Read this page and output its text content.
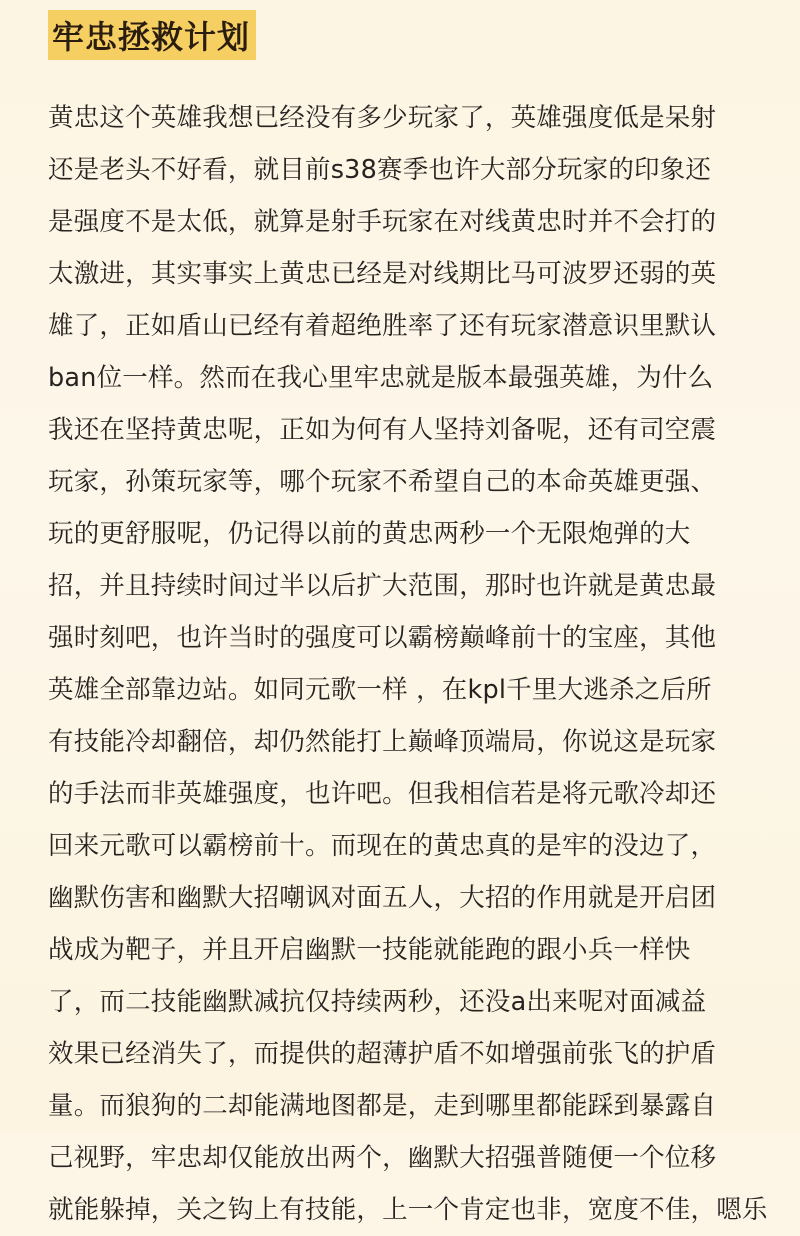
牢忠拯救计划
黄忠这个英雄我想已经没有多少玩家了，英雄强度低是呆射
还是老头不好看，就目前s38赛季也许大部分玩家的印象还
是强度不是太低，就算是射手玩家在对线黄忠时并不会打的
太激进，其实事实上黄忠已经是对线期比马可波罗还弱的英
雄了，正如盾山已经有着超绝胜率了还有玩家潜意识里默认
ban位一样。然而在我心里牢忠就是版本最强英雄，为什么
我还在坚持黄忠呢，正如为何有人坚持刘备呢，还有司空震
玩家，孙策玩家等，哪个玩家不希望自己的本命英雄更强、
玩的更舒服呢，仍记得以前的黄忠两秒一个无限炮弹的大
招，并且持续时间过半以后扩大范围，那时也许就是黄忠最
强时刻吧，也许当时的强度可以霸榜巅峰前十的宝座，其他
英雄全部靠边站。如同元歌一样 ，在kpl千里大逃杀之后所
有技能冷却翻倍，却仍然能打上巅峰顶端局，你说这是玩家
的手法而非英雄强度，也许吧。但我相信若是将元歌冷却还
回来元歌可以霸榜前十。而现在的黄忠真的是牢的没边了，
幽默伤害和幽默大招嘲讽对面五人，大招的作用就是开启团
战成为靶子，并且开启幽默一技能就能跑的跟小兵一样快
了，而二技能幽默减抗仅持续两秒，还没a出来呢对面减益
效果已经消失了，而提供的超薄护盾不如增强前张飞的护盾
量。而狼狗的二却能满地图都是，走到哪里都能踩到暴露自
己视野，牢忠却仅能放出两个，幽默大招强普随便一个位移
就能躲掉，关之钩上有技能，上一个肯定也非，宽度不佳，嗯乐
